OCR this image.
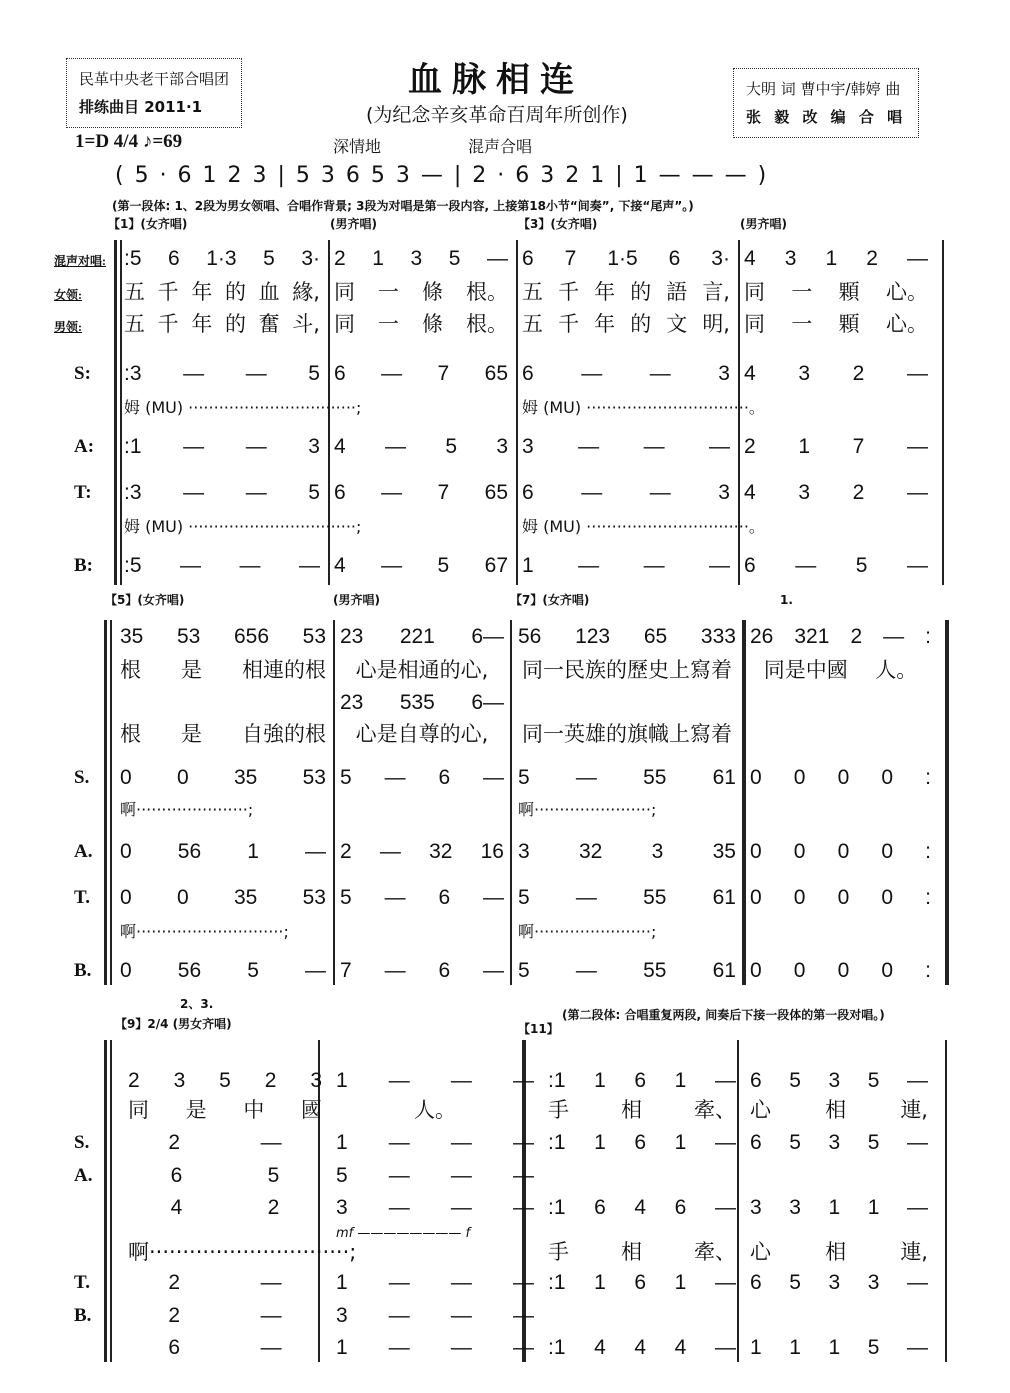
民革中央老干部合唱团
排练曲目 2011·1
血脉相连
(为纪念辛亥革命百周年所创作)
大明 词 曹中宇/韩婷 曲
张 毅 改 编 合 唱
1=D 4/4 ♪=69	深情地	混声合唱
( 5 · 6 1 2 3 | 5 3 6 5 3 — | 2 · 6 3 2 1 | 1 — — — )
(第一段体: 1、2段为男女领唱、合唱作背景; 3段为对唱是第一段内容, 上接第18小节“间奏”, 下接“尾声”。)
【1】(女齐唱)	(男齐唱)	【3】(女齐唱)	(男齐唱)
混声对唱: :5 6 1·3 5 3· 2 1 3 5 — 6 7 1·5 6 3· 4 3 1 2 —
女领: 五 千 年 的 血 緣, 同 一 條 根。 五 千 年 的 語 言, 同 一 顆 心。
男领: 五 千 年 的 奮 斗, 同 一 條 根。 五 千 年 的 文 明, 同 一 顆 心。
S: :3 — — 5 6 — 7 65 6 — — 3 4 3 2 —
姆 (MU) ·································;	姆 (MU) ································。
A: :1 — — 3 4 — 5 3 3 — — — 2 1 7 —
T: :3 — — 5 6 — 7 65 6 — — 3 4 3 2 —
姆 (MU) ·································;	姆 (MU) ································。
B: :5 — — — 4 — 5 67 1 — — — 6 — 5 —
【5】(女齐唱)	(男齐唱)	【7】(女齐唱)	1.
35 53 656 53 23 221 6— 56 123 65 333 26 321 2 — :
根 是 相連的根 心是相通的心, 同一民族的歷史上寫着 同是中國 人。
23 535 6—
根 是 自強的根 心是自尊的心, 同一英雄的旗幟上寫着
S. 0 0 35 53 5 — 6 — 5 — 55 61 0 0 0 0 :
啊······················;	啊·······················;
A. 0 56 1 — 2 — 32 16 3 32 3 35 0 0 0 0 :
T. 0 0 35 53 5 — 6 — 5 — 55 61 0 0 0 0 :
啊·····························;	啊·······················;
B. 0 56 5 — 7 — 6 — 5 — 55 61 0 0 0 0 :
2、3.
【9】2/4 (男女齐唱)	【11】
(第二段体: 合唱重复两段, 间奏后下接一段体的第一段对唱。)
2 3 5 2 3 1 — — — :1 1 6 1 — 6 5 3 5 —
同 是 中 國	人。	手 相 牽、 心	相	連,
S.	2	—	1 — — — :1 1 6 1 — 6 5 3 5 —
A.	6	5	5 — — —
4	2	3 — — — :1 6 4 6 — 3 3 1 1 —
mf ———————— f
啊······························;	手 相 牽、 心	相	連,
T.	2	—	1 — — — :1 1 6 1 — 6 5 3 3 —
B.	2	—	3 — — —
6	—	1 — — — :1 4 4 4 — 1 1 1 5 —
